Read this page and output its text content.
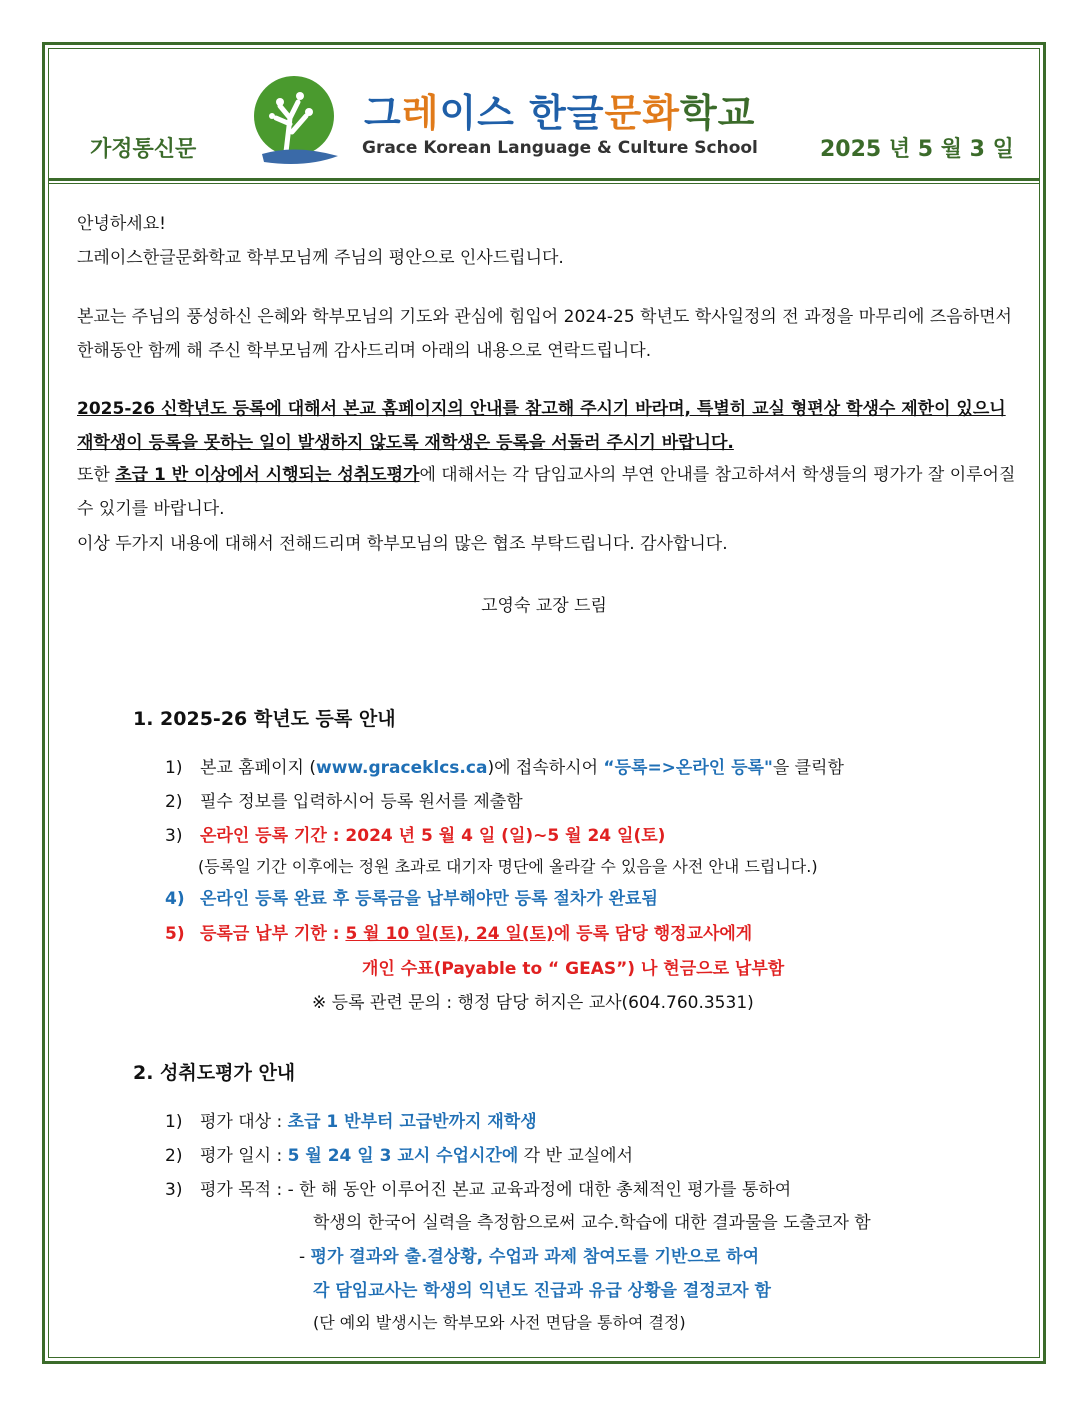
가정통신문
그레이스 한글문화학교
Grace Korean Language & Culture School	2025 년 5 월 3 일
안녕하세요!
그레이스한글문화학교 학부모님께 주님의 평안으로 인사드립니다.
본교는 주님의 풍성하신 은혜와 학부모님의 기도와 관심에 힘입어 2024-25 학년도 학사일정의 전 과정을 마무리에 즈음하면서 한해동안 함께 해 주신 학부모님께 감사드리며 아래의 내용으로 연락드립니다.
2025-26 신학년도 등록에 대해서 본교 홈페이지의 안내를 참고해 주시기 바라며, 특별히 교실 형편상 학생수 제한이 있으니 재학생이 등록을 못하는 일이 발생하지 않도록 재학생은 등록을 서둘러 주시기 바랍니다.
또한 초급 1 반 이상에서 시행되는 성취도평가에 대해서는 각 담임교사의 부연 안내를 참고하셔서 학생들의 평가가 잘 이루어질 수 있기를 바랍니다.
이상 두가지 내용에 대해서 전해드리며 학부모님의 많은 협조 부탁드립니다. 감사합니다.
고영숙 교장 드림
1. 2025-26 학년도 등록 안내
1) 본교 홈페이지 (www.graceklcs.ca)에 접속하시어 “등록=>온라인 등록"을 클릭함
2) 필수 정보를 입력하시어 등록 원서를 제출함
3) 온라인 등록 기간 : 2024 년 5 월 4 일 (일)~5 월 24 일(토)
(등록일 기간 이후에는 정원 초과로 대기자 명단에 올라갈 수 있음을 사전 안내 드립니다.)
4) 온라인 등록 완료 후 등록금을 납부해야만 등록 절차가 완료됨
5) 등록금 납부 기한 : 5 월 10 일(토), 24 일(토)에 등록 담당 행정교사에게
개인 수표(Payable to “ GEAS”) 나 현금으로 납부함
※ 등록 관련 문의 : 행정 담당 허지은 교사(604.760.3531)
2. 성취도평가 안내
1) 평가 대상 : 초급 1 반부터 고급반까지 재학생
2) 평가 일시 : 5 월 24 일 3 교시 수업시간에 각 반 교실에서
3) 평가 목적 : - 한 해 동안 이루어진 본교 교육과정에 대한 총체적인 평가를 통하여
학생의 한국어 실력을 측정함으로써 교수.학습에 대한 결과물을 도출코자 함
- 평가 결과와 출.결상황, 수업과 과제 참여도를 기반으로 하여
각 담임교사는 학생의 익년도 진급과 유급 상황을 결정코자 함
(단 예외 발생시는 학부모와 사전 면담을 통하여 결정)
